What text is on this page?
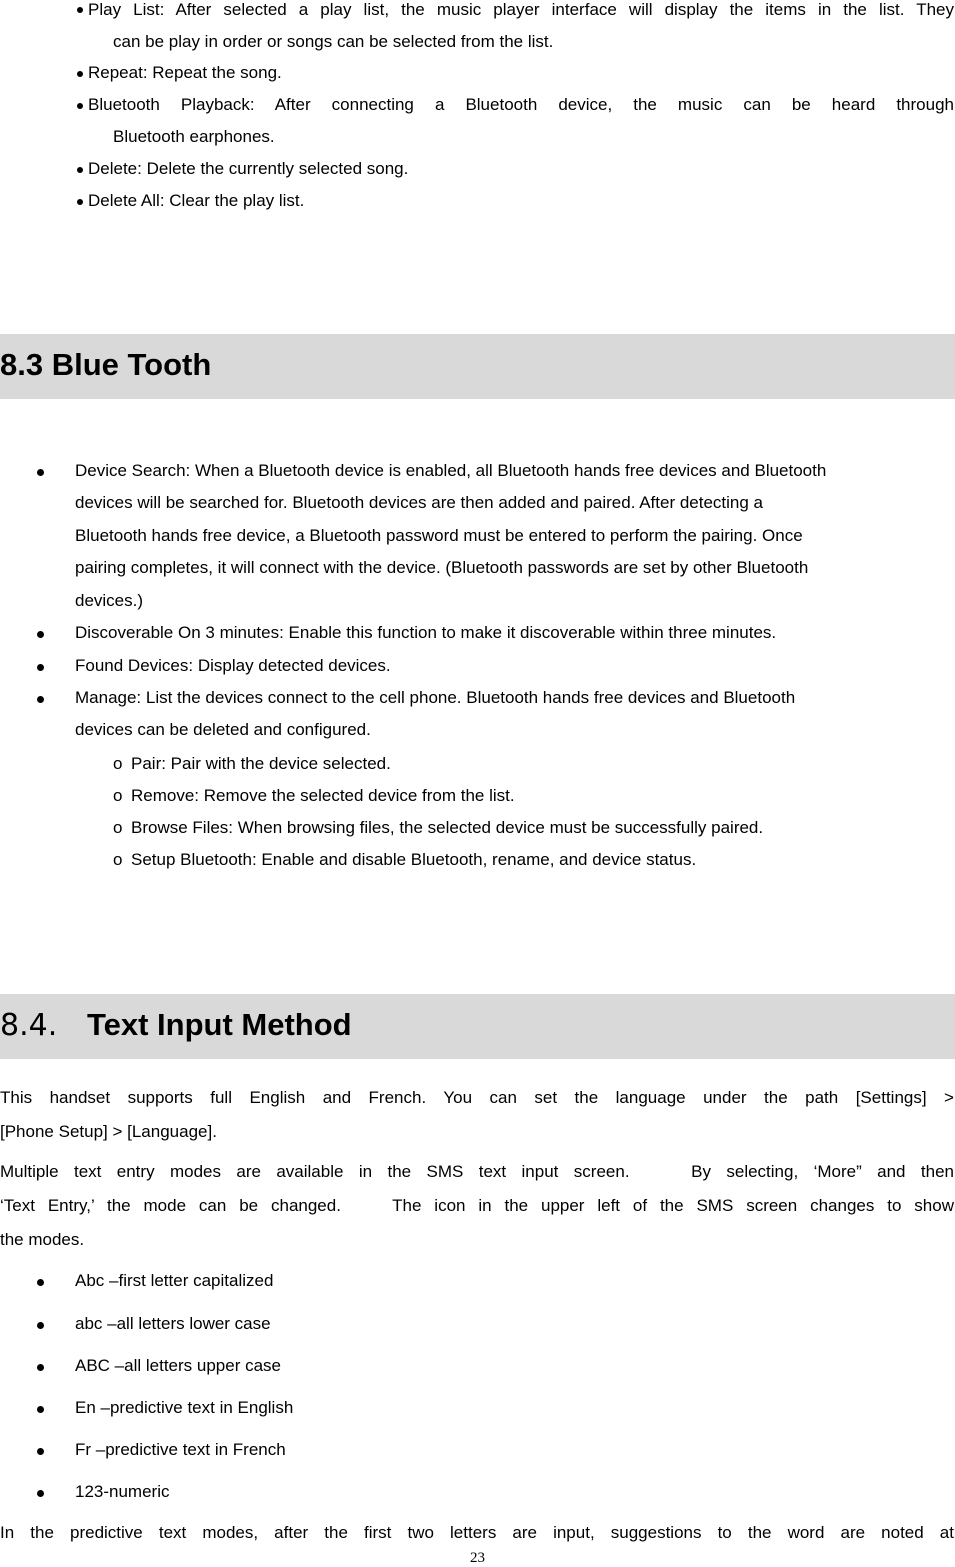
Play List: After selected a play list, the music player interface will display the items in the list. They
can be play in order or songs can be selected from the list.
Repeat: Repeat the song.
Bluetooth Playback: After connecting a Bluetooth device, the music can be heard through
Bluetooth earphones.
Delete: Delete the currently selected song.
Delete All: Clear the play list.
8.3 Blue Tooth
Device Search: When a Bluetooth device is enabled, all Bluetooth hands free devices and Bluetooth
devices will be searched for. Bluetooth devices are then added and paired. After detecting a
Bluetooth hands free device, a Bluetooth password must be entered to perform the pairing. Once
pairing completes, it will connect with the device. (Bluetooth passwords are set by other Bluetooth
devices.)
Discoverable On 3 minutes: Enable this function to make it discoverable within three minutes.
Found Devices: Display detected devices.
Manage: List the devices connect to the cell phone. Bluetooth hands free devices and Bluetooth
devices can be deleted and configured.
o Pair: Pair with the device selected.
o Remove: Remove the selected device from the list.
o Browse Files: When browsing files, the selected device must be successfully paired.
o Setup Bluetooth: Enable and disable Bluetooth, rename, and device status.
8.4. Text Input Method
This handset supports full English and French. You can set the language under the path [Settings] >
[Phone Setup] > [Language].
Multiple text entry modes are available in the SMS text input screen.    By selecting, ‘More” and then
‘Text Entry,’ the mode can be changed.    The icon in the upper left of the SMS screen changes to show
the modes.
Abc –first letter capitalized
abc –all letters lower case
ABC –all letters upper case
En –predictive text in English
Fr –predictive text in French
123-numeric
In the predictive text modes, after the first two letters are input, suggestions to the word are noted at
23
